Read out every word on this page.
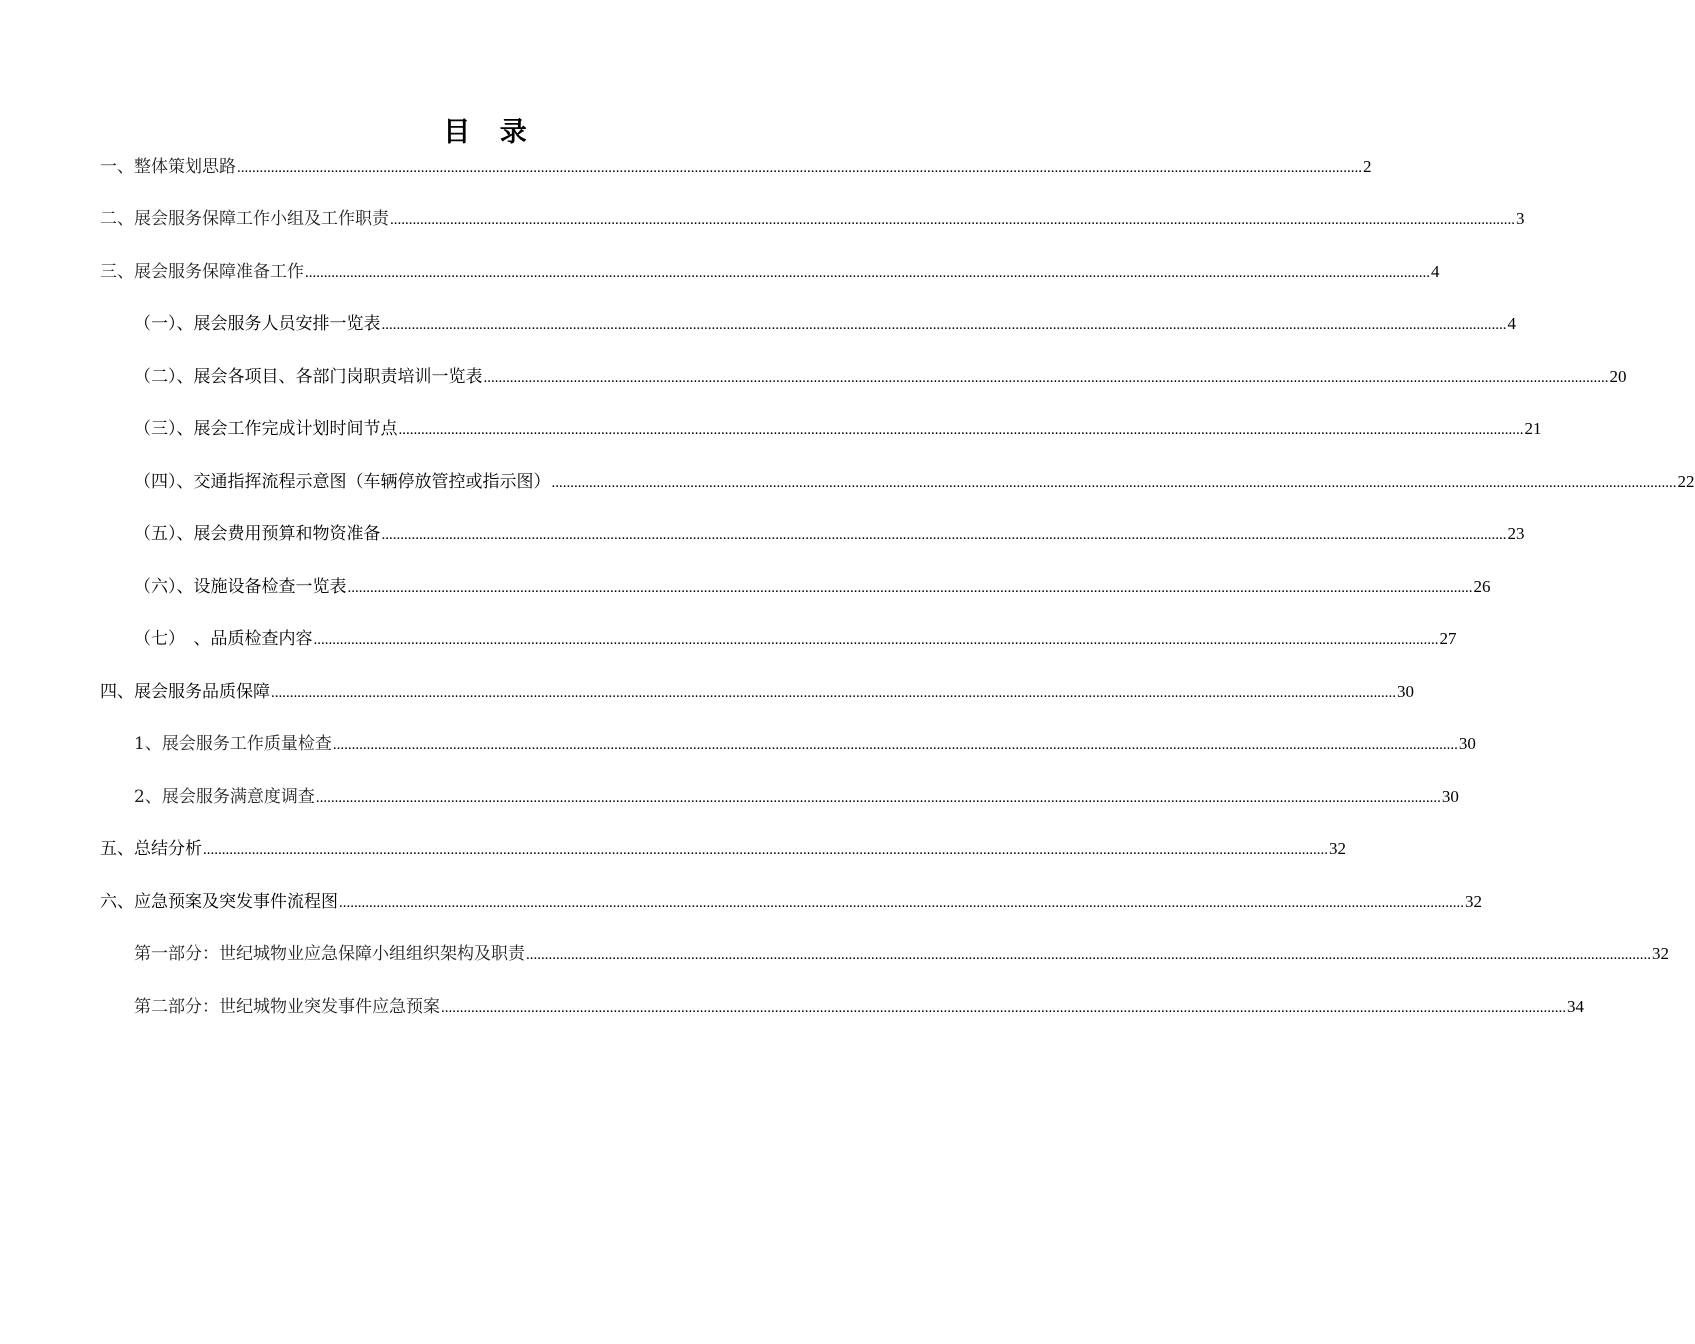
目 录
一、整体策划思路 ............................................................................................................................................................................................................................................................................................................ 2
二、展会服务保障工作小组及工作职责 ............................................................................................................................................................................................................................................................................................................ 3
三、展会服务保障准备工作 ............................................................................................................................................................................................................................................................................................................ 4
（一）、展会服务人员安排一览表 ............................................................................................................................................................................................................................................................................................................ 4
（二）、展会各项目、各部门岗职责培训一览表 ............................................................................................................................................................................................................................................................................................................ 20
（三）、展会工作完成计划时间节点 ............................................................................................................................................................................................................................................................................................................ 21
（四）、交通指挥流程示意图（车辆停放管控或指示图） ............................................................................................................................................................................................................................................................................................................ 22
（五）、展会费用预算和物资准备 ............................................................................................................................................................................................................................................................................................................ 23
（六）、设施设备检查一览表 ............................................................................................................................................................................................................................................................................................................ 26
（七）　、品质检查内容 ............................................................................................................................................................................................................................................................................................................ 27
四、展会服务品质保障 ............................................................................................................................................................................................................................................................................................................ 30
1、展会服务工作质量检查 ............................................................................................................................................................................................................................................................................................................ 30
2、展会服务满意度调查 ............................................................................................................................................................................................................................................................................................................ 30
五、总结分析 ............................................................................................................................................................................................................................................................................................................ 32
六、应急预案及突发事件流程图 ............................................................................................................................................................................................................................................................................................................ 32
第一部分：世纪城物业应急保障小组组织架构及职责 ............................................................................................................................................................................................................................................................................................................ 32
第二部分：世纪城物业突发事件应急预案 ............................................................................................................................................................................................................................................................................................................ 34
